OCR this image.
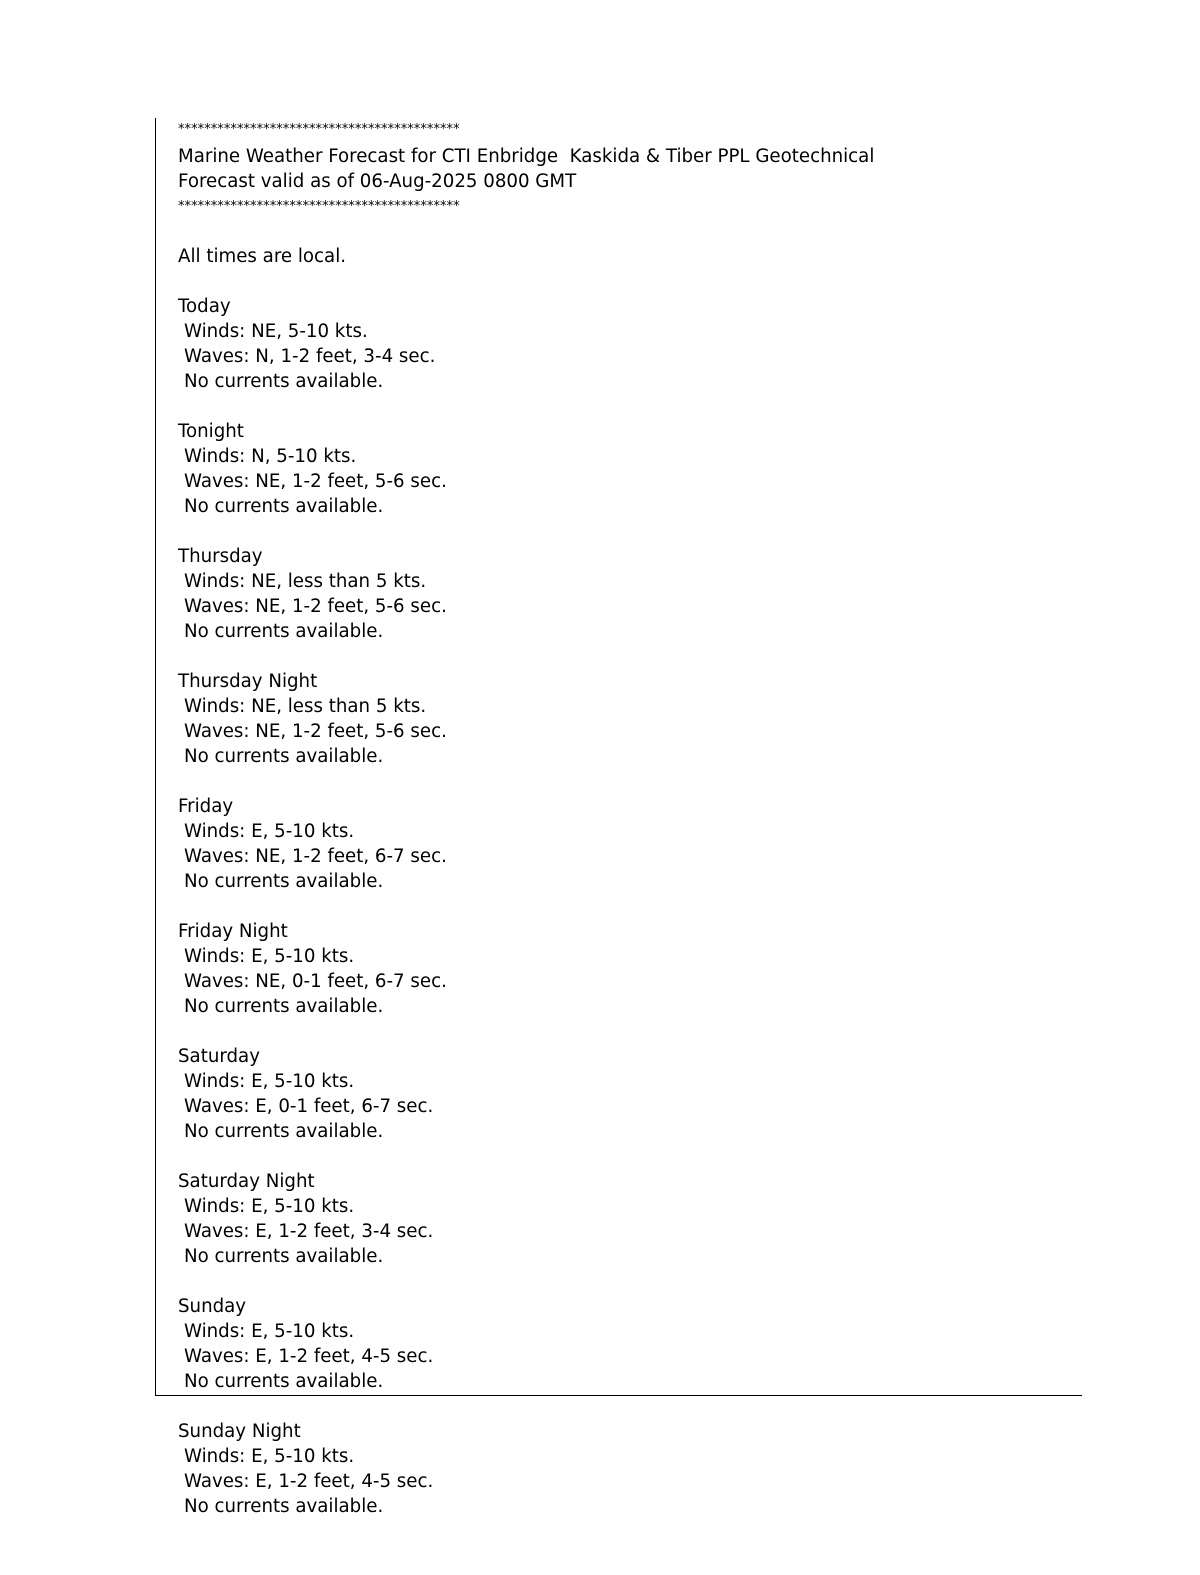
*******************************************
Marine Weather Forecast for CTI Enbridge  Kaskida & Tiber PPL Geotechnical
Forecast valid as of 06-Aug-2025 0800 GMT
*******************************************
All times are local.
Today
Winds: NE, 5-10 kts.
Waves: N, 1-2 feet, 3-4 sec.
No currents available.
Tonight
Winds: N, 5-10 kts.
Waves: NE, 1-2 feet, 5-6 sec.
No currents available.
Thursday
Winds: NE, less than 5 kts.
Waves: NE, 1-2 feet, 5-6 sec.
No currents available.
Thursday Night
Winds: NE, less than 5 kts.
Waves: NE, 1-2 feet, 5-6 sec.
No currents available.
Friday
Winds: E, 5-10 kts.
Waves: NE, 1-2 feet, 6-7 sec.
No currents available.
Friday Night
Winds: E, 5-10 kts.
Waves: NE, 0-1 feet, 6-7 sec.
No currents available.
Saturday
Winds: E, 5-10 kts.
Waves: E, 0-1 feet, 6-7 sec.
No currents available.
Saturday Night
Winds: E, 5-10 kts.
Waves: E, 1-2 feet, 3-4 sec.
No currents available.
Sunday
Winds: E, 5-10 kts.
Waves: E, 1-2 feet, 4-5 sec.
No currents available.
Sunday Night
Winds: E, 5-10 kts.
Waves: E, 1-2 feet, 4-5 sec.
No currents available.
